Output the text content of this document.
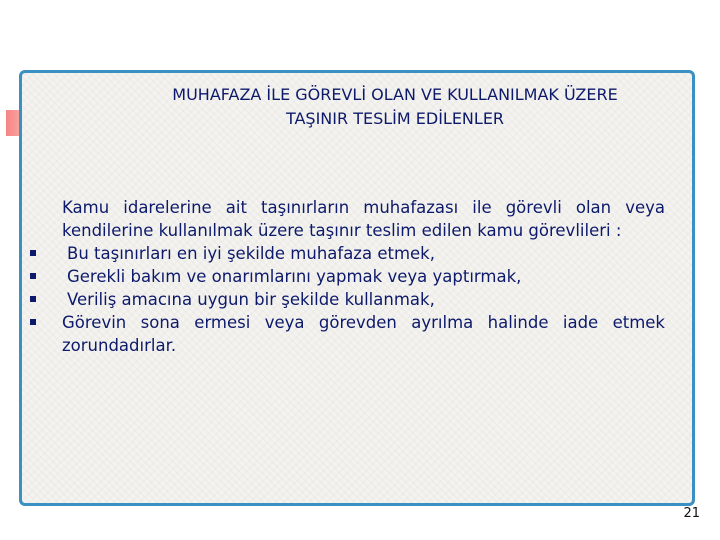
MUHAFAZA İLE GÖREVLİ OLAN VE KULLANILMAK ÜZERE
TAŞINIR TESLİM EDİLENLER

Kamu idarelerine ait taşınırların muhafazası ile görevli olan veya kendilerine kullanılmak üzere taşınır teslim edilen kamu görevlileri :

Bu taşınırları en iyi şekilde muhafaza etmek,
Gerekli bakım ve onarımlarını yapmak veya yaptırmak,
Veriliş amacına uygun bir şekilde kullanmak,
Görevin sona ermesi veya görevden ayrılma halinde iade etmek zorundadırlar.
21
